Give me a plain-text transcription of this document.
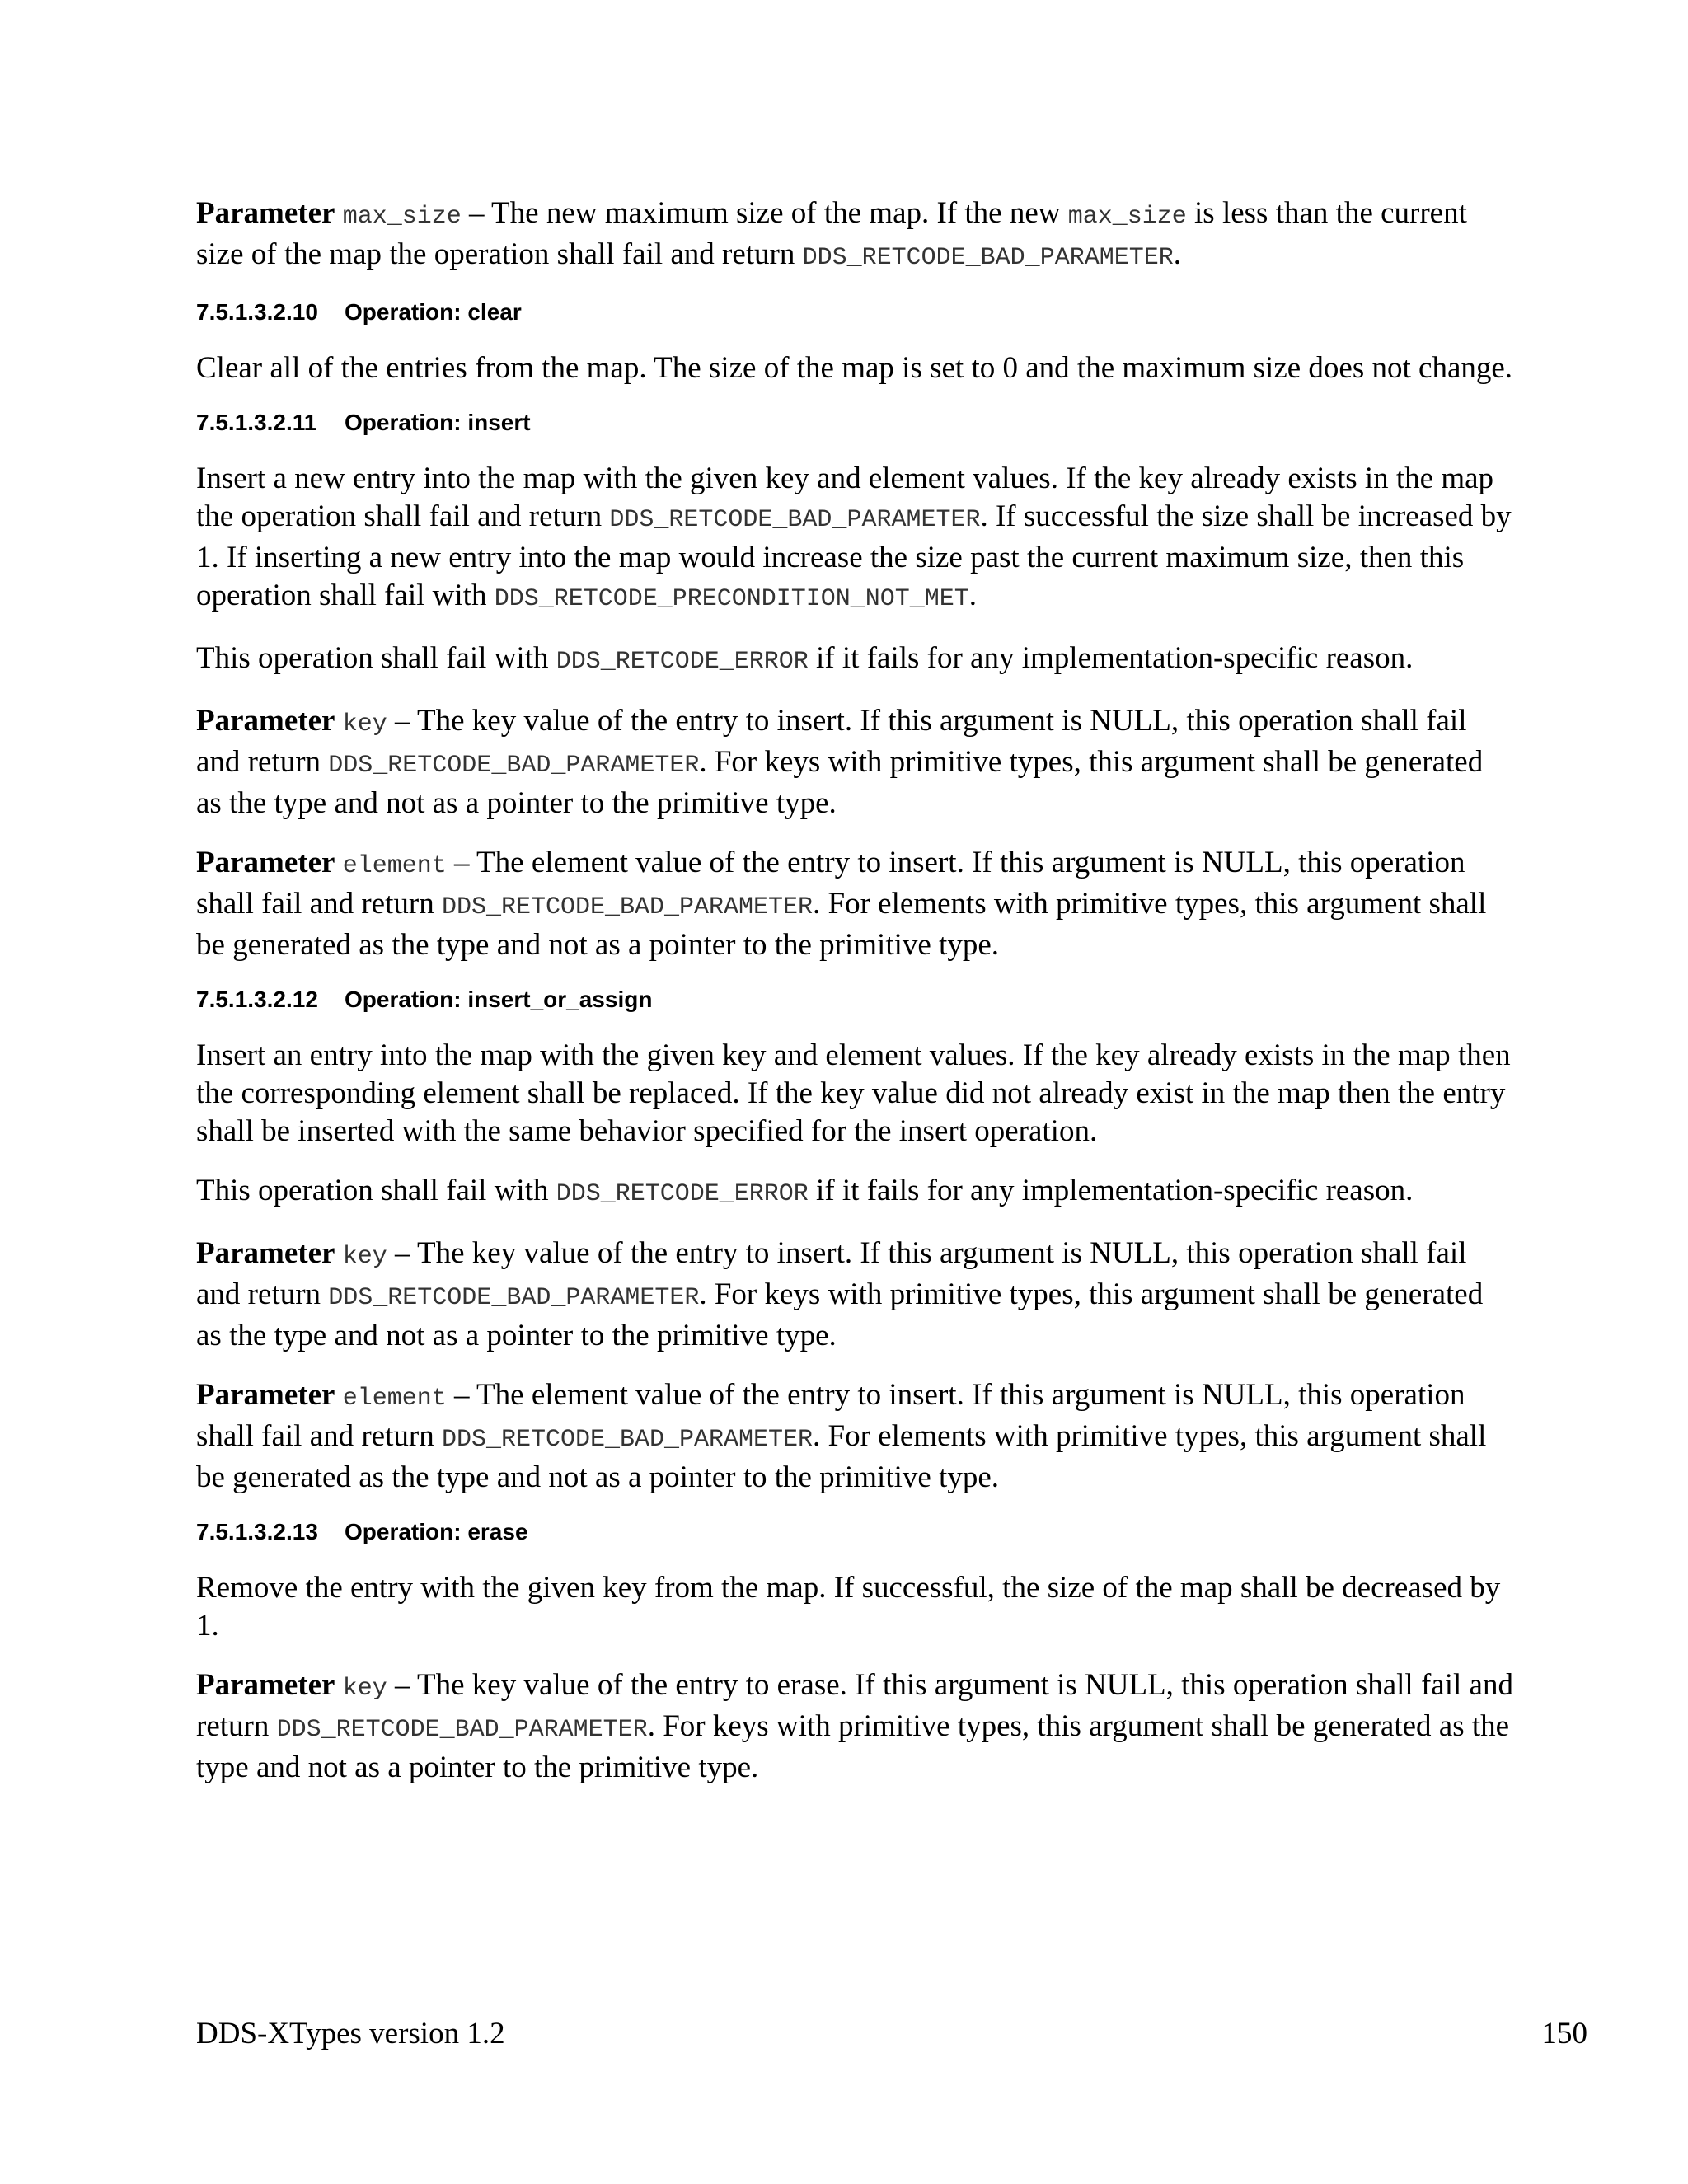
Parameter max_size – The new maximum size of the map. If the new max_size is less than the current size of the map the operation shall fail and return DDS_RETCODE_BAD_PARAMETER.

7.5.1.3.2.10 Operation: clear

Clear all of the entries from the map. The size of the map is set to 0 and the maximum size does not change.

7.5.1.3.2.11 Operation: insert

Insert a new entry into the map with the given key and element values. If the key already exists in the map the operation shall fail and return DDS_RETCODE_BAD_PARAMETER. If successful the size shall be increased by 1. If inserting a new entry into the map would increase the size past the current maximum size, then this operation shall fail with DDS_RETCODE_PRECONDITION_NOT_MET.

This operation shall fail with DDS_RETCODE_ERROR if it fails for any implementation-specific reason.

Parameter key – The key value of the entry to insert. If this argument is NULL, this operation shall fail and return DDS_RETCODE_BAD_PARAMETER. For keys with primitive types, this argument shall be generated as the type and not as a pointer to the primitive type.

Parameter element – The element value of the entry to insert. If this argument is NULL, this operation shall fail and return DDS_RETCODE_BAD_PARAMETER. For elements with primitive types, this argument shall be generated as the type and not as a pointer to the primitive type.

7.5.1.3.2.12 Operation: insert_or_assign

Insert an entry into the map with the given key and element values. If the key already exists in the map then the corresponding element shall be replaced. If the key value did not already exist in the map then the entry shall be inserted with the same behavior specified for the insert operation.

This operation shall fail with DDS_RETCODE_ERROR if it fails for any implementation-specific reason.

Parameter key – The key value of the entry to insert. If this argument is NULL, this operation shall fail and return DDS_RETCODE_BAD_PARAMETER. For keys with primitive types, this argument shall be generated as the type and not as a pointer to the primitive type.

Parameter element – The element value of the entry to insert. If this argument is NULL, this operation shall fail and return DDS_RETCODE_BAD_PARAMETER. For elements with primitive types, this argument shall be generated as the type and not as a pointer to the primitive type.

7.5.1.3.2.13 Operation: erase

Remove the entry with the given key from the map. If successful, the size of the map shall be decreased by 1.

Parameter key – The key value of the entry to erase. If this argument is NULL, this operation shall fail and return DDS_RETCODE_BAD_PARAMETER. For keys with primitive types, this argument shall be generated as the type and not as a pointer to the primitive type.

DDS-XTypes version 1.2	150
